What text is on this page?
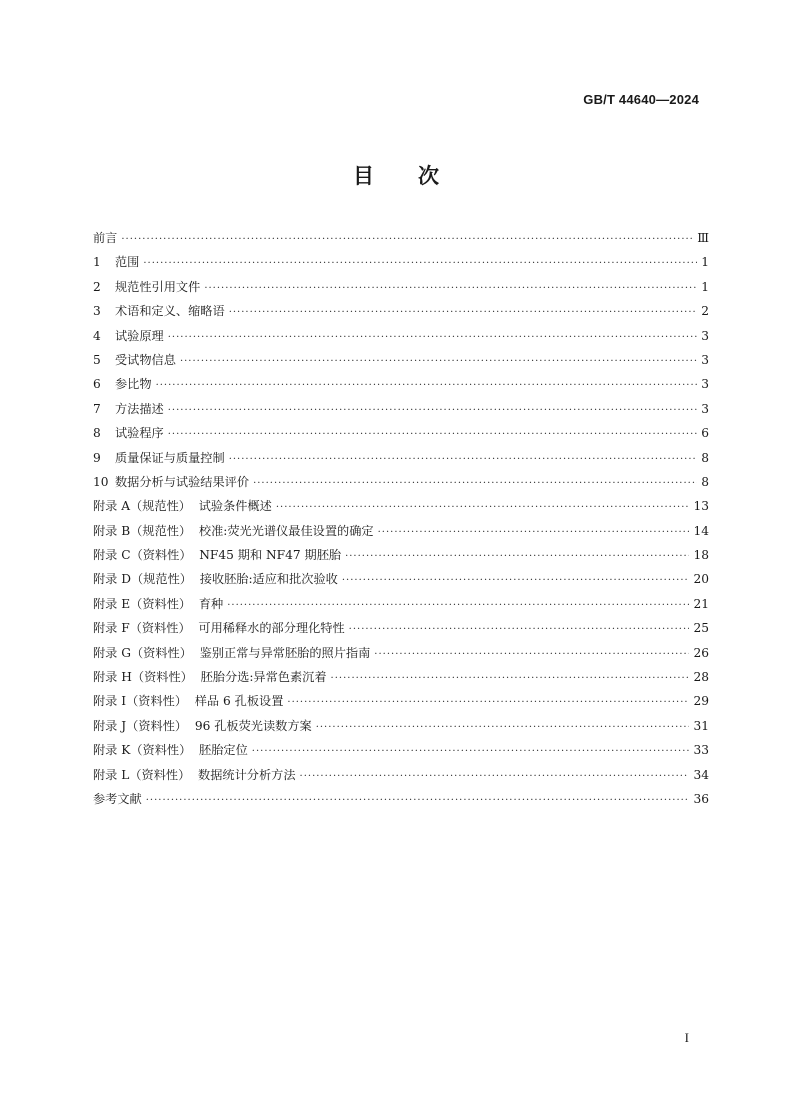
GB/T 44640—2024
目 次
前言 ·····	Ⅲ
1	范围 ·····	1
2	规范性引用文件 ·····	1
3	术语和定义、缩略语 ·····	2
4	试验原理 ·····	3
5	受试物信息 ·····	3
6	参比物 ·····	3
7	方法描述 ·····	3
8	试验程序 ·····	6
9	质量保证与质量控制 ·····	8
10 数据分析与试验结果评价 ·····	8
附录 A（规范性）  试验条件概述 ·····	13
附录 B（规范性）  校准:荧光光谱仪最佳设置的确定 ·····	14
附录 C（资料性）  NF45 期和 NF47 期胚胎 ·····	18
附录 D（规范性）  接收胚胎:适应和批次验收 ·····	20
附录 E（资料性）  育种 ·····	21
附录 F（资料性）  可用稀释水的部分理化特性 ·····	25
附录 G（资料性）  鉴别正常与异常胚胎的照片指南 ·····	26
附录 H（资料性）  胚胎分选:异常色素沉着 ·····	28
附录 I（资料性）  样品 6 孔板设置 ·····	29
附录 J（资料性）  96 孔板荧光读数方案 ·····	31
附录 K（资料性）  胚胎定位 ·····	33
附录 L（资料性）  数据统计分析方法 ·····	34
参考文献 ·····	36
I
